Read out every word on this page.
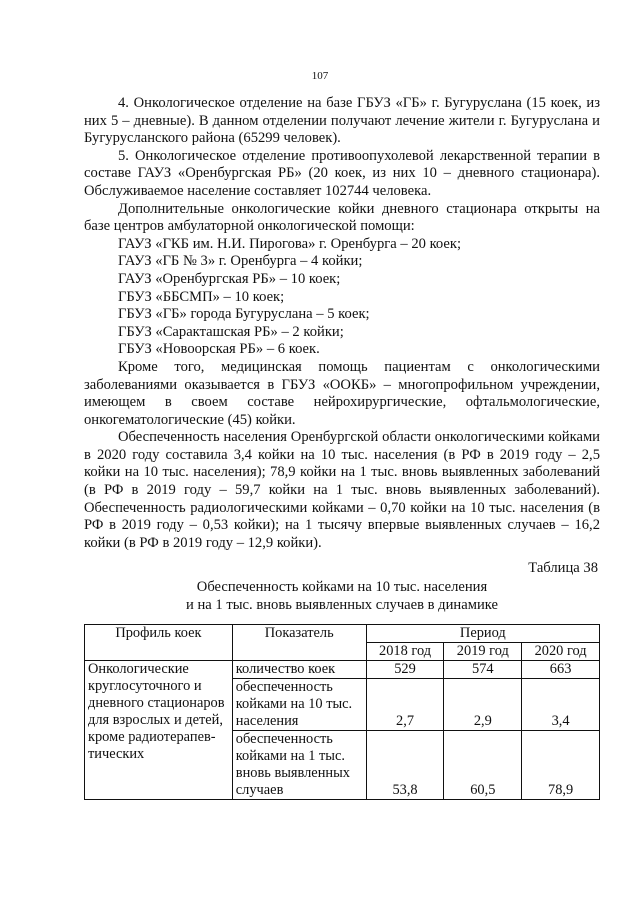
107

4. Онкологическое отделение на базе ГБУЗ «ГБ» г. Бугуруслана (15 коек, из них 5 – дневные). В данном отделении получают лечение жители г. Бугуруслана и Бугурусланского района (65299 человек).

5. Онкологическое отделение противоопухолевой лекарственной терапии в составе ГАУЗ «Оренбургская РБ» (20 коек, из них 10 – дневного стационара). Обслуживаемое население составляет 102744 человека.

Дополнительные онкологические койки дневного стационара открыты на базе центров амбулаторной онкологической помощи:

ГАУЗ «ГКБ им. Н.И. Пирогова» г. Оренбурга – 20 коек;

ГАУЗ «ГБ № 3» г. Оренбурга – 4 койки;

ГАУЗ «Оренбургская РБ» – 10 коек;

ГБУЗ «ББСМП» – 10 коек;

ГБУЗ «ГБ» города Бугуруслана – 5 коек;

ГБУЗ «Саракташская РБ» – 2 койки;

ГБУЗ «Новоорская РБ» – 6 коек.

Кроме того, медицинская помощь пациентам с онкологическими заболеваниями оказывается в ГБУЗ «ООКБ» – многопрофильном учреждении, имеющем в своем составе нейрохирургические, офтальмологические, онкогематологические (45) койки.

Обеспеченность населения Оренбургской области онкологическими койками в 2020 году составила 3,4 койки на 10 тыс. населения (в РФ в 2019 году – 2,5 койки на 10 тыс. населения); 78,9 койки на 1 тыс. вновь выявленных заболеваний (в РФ в 2019 году – 59,7 койки на 1 тыс. вновь выявленных заболеваний). Обеспеченность радиологическими койками – 0,70 койки на 10 тыс. населения (в РФ в 2019 году – 0,53 койки); на 1 тысячу впервые выявленных случаев – 16,2 койки (в РФ в 2019 году – 12,9 койки).

Таблица 38
Обеспеченность койками на 10 тыс. населения
и на 1 тыс. вновь выявленных случаев в динамике
Профиль коек	Показатель	Период		
		2018 год	2019 год	2020 год
Онкологические круглосуточного и дневного стационаров для взрослых и детей, кроме радиотерапев-тических	количество коек	529	574	663
	обеспеченность койками на 10 тыс. населения	2,7	2,9	3,4
	обеспеченность койками на 1 тыс. вновь выявленных случаев	53,8	60,5	78,9
